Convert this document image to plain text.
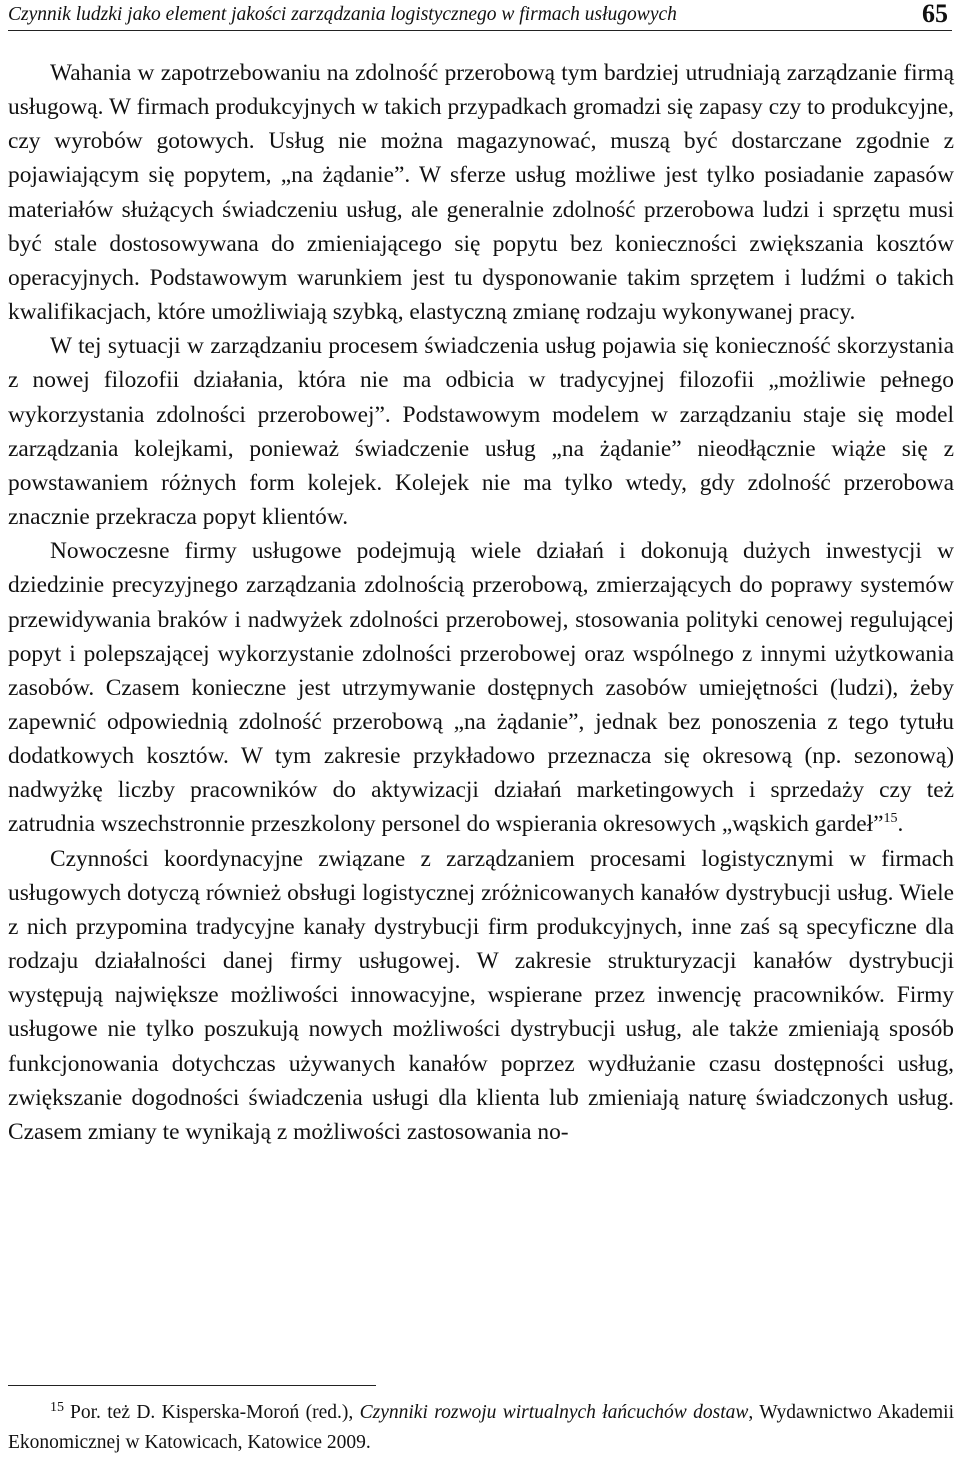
Czynnik ludzki jako element jakości zarządzania logistycznego w firmach usługowych	65

Wahania w zapotrzebowaniu na zdolność przerobową tym bardziej utrudniają zarządzanie firmą usługową. W firmach produkcyjnych w takich przypadkach gromadzi się zapasy czy to produkcyjne, czy wyrobów gotowych. Usług nie można magazynować, muszą być dostarczane zgodnie z pojawiającym się popytem, „na żądanie”. W sferze usług możliwe jest tylko posiadanie zapasów materiałów służących świadczeniu usług, ale generalnie zdolność przerobowa ludzi i sprzętu musi być stale dostosowywana do zmieniającego się popytu bez konieczności zwiększania kosztów operacyjnych. Podstawowym warunkiem jest tu dysponowanie takim sprzętem i ludźmi o takich kwalifikacjach, które umożliwiają szybką, elastyczną zmianę rodzaju wykonywanej pracy.

W tej sytuacji w zarządzaniu procesem świadczenia usług pojawia się konieczność skorzystania z nowej filozofii działania, która nie ma odbicia w tradycyjnej filozofii „możliwie pełnego wykorzystania zdolności przerobowej”. Podstawowym modelem w zarządzaniu staje się model zarządzania kolejkami, ponieważ świadczenie usług „na żądanie” nieodłącznie wiąże się z powstawaniem różnych form kolejek. Kolejek nie ma tylko wtedy, gdy zdolność przerobowa znacznie przekracza popyt klientów.

Nowoczesne firmy usługowe podejmują wiele działań i dokonują dużych inwestycji w dziedzinie precyzyjnego zarządzania zdolnością przerobową, zmierzających do poprawy systemów przewidywania braków i nadwyżek zdolności przerobowej, stosowania polityki cenowej regulującej popyt i polepszającej wykorzystanie zdolności przerobowej oraz wspólnego z innymi użytkowania zasobów. Czasem konieczne jest utrzymywanie dostępnych zasobów umiejętności (ludzi), żeby zapewnić odpowiednią zdolność przerobową „na żądanie”, jednak bez ponoszenia z tego tytułu dodatkowych kosztów. W tym zakresie przykładowo przeznacza się okresową (np. sezonową) nadwyżkę liczby pracowników do aktywizacji działań marketingowych i sprzedaży czy też zatrudnia wszechstronnie przeszkolony personel do wspierania okresowych „wąskich gardeł”$^{15}$.

Czynności koordynacyjne związane z zarządzaniem procesami logistycznymi w firmach usługowych dotyczą również obsługi logistycznej zróżnicowanych kanałów dystrybucji usług. Wiele z nich przypomina tradycyjne kanały dystrybucji firm produkcyjnych, inne zaś są specyficzne dla rodzaju działalności danej firmy usługowej. W zakresie strukturyzacji kanałów dystrybucji występują największe możliwości innowacyjne, wspierane przez inwencję pracowników. Firmy usługowe nie tylko poszukują nowych możliwości dystrybucji usług, ale także zmieniają sposób funkcjonowania dotychczas używanych kanałów poprzez wydłużanie czasu dostępności usług, zwiększanie dogodności świadczenia usługi dla klienta lub zmieniają naturę świadczonych usług. Czasem zmiany te wynikają z możliwości zastosowania no-

15 Por. też D. Kisperska-Moroń (red.), Czynniki rozwoju wirtualnych łańcuchów dostaw, Wydawnictwo Akademii Ekonomicznej w Katowicach, Katowice 2009.
